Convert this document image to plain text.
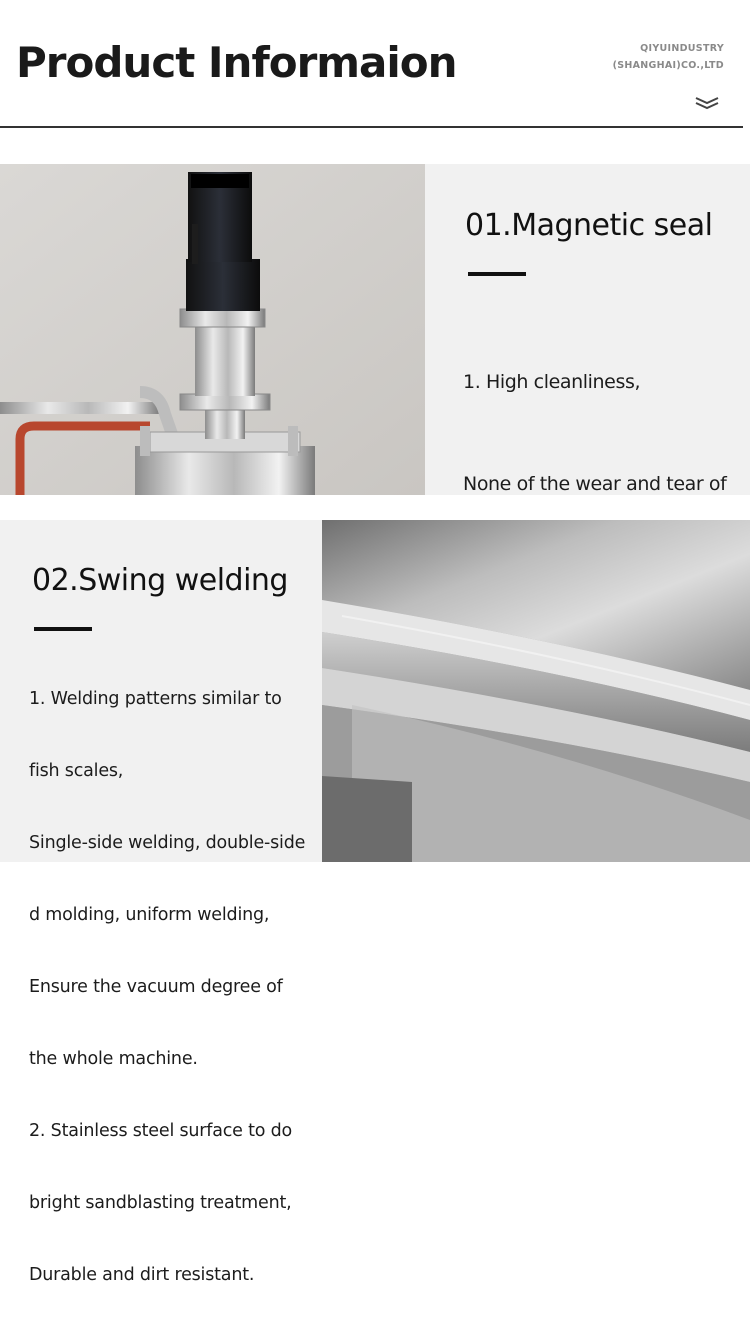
Product Informaion	QIYUINDUSTRY
(SHANGHAI)CO.,LTD
01.Magnetic seal

1. High cleanliness,

None of the wear and tear of

02.Swing welding

1. Welding patterns similar to

fish scales,

Single-side welding, double-side

d molding, uniform welding,

Ensure the vacuum degree of

the whole machine.

2. Stainless steel surface to do

bright sandblasting treatment,

Durable and dirt resistant.
